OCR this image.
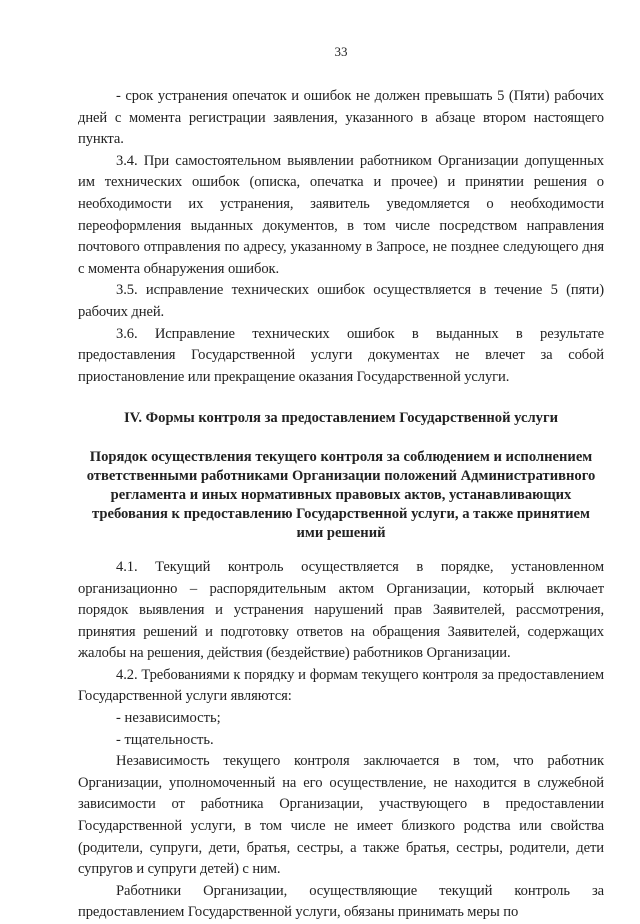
33

- срок устранения опечаток и ошибок не должен превышать 5 (Пяти) рабочих дней с момента регистрации заявления, указанного в абзаце втором настоящего пункта.

3.4. При самостоятельном выявлении работником Организации допущенных им технических ошибок (описка, опечатка и прочее) и принятии решения о необходимости их устранения, заявитель уведомляется о необходимости переоформления выданных документов, в том числе посредством направления почтового отправления по адресу, указанному в Запросе, не позднее следующего дня с момента обнаружения ошибок.

3.5. исправление технических ошибок осуществляется в течение 5 (пяти) рабочих дней.

3.6. Исправление технических ошибок в выданных в результате предоставления Государственной услуги документах не влечет за собой приостановление или прекращение оказания Государственной услуги.

IV. Формы контроля за предоставлением Государственной услуги
Порядок осуществления текущего контроля за соблюдением и исполнением ответственными работниками Организации положений Административного регламента и иных нормативных правовых актов, устанавливающих требования к предоставлению Государственной услуги, а также принятием ими решений

4.1. Текущий контроль осуществляется в порядке, установленном организационно – распорядительным актом Организации, который включает порядок выявления и устранения нарушений прав Заявителей, рассмотрения, принятия решений и подготовку ответов на обращения Заявителей, содержащих жалобы на решения, действия (бездействие) работников Организации.

4.2. Требованиями к порядку и формам текущего контроля за предоставлением Государственной услуги являются:

- независимость;

- тщательность.

Независимость текущего контроля заключается в том, что работник Организации, уполномоченный на его осуществление, не находится в служебной зависимости от работника Организации, участвующего в предоставлении Государственной услуги, в том числе не имеет близкого родства или свойства (родители, супруги, дети, братья, сестры, а также братья, сестры, родители, дети супругов и супруги детей) с ним.

Работники Организации, осуществляющие текущий контроль за предоставлением Государственной услуги, обязаны принимать меры по
